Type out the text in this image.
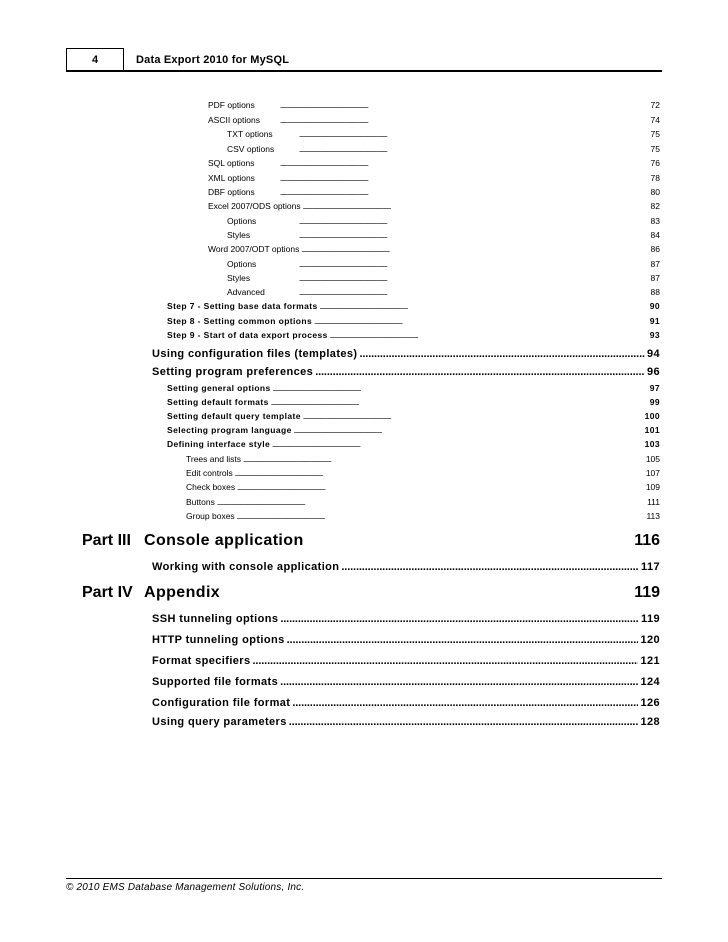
4	Data Export 2010 for MySQL
PDF options . . .	72
ASCII options . . .	74
TXT options . . .	75
CSV options . . .	75
SQL options . . .	76
XML options . . .	78
DBF options . . .	80
Excel 2007/ODS options . . .	82
Options . . .	83
Styles . . .	84
Word 2007/ODT options . . .	86
Options . . .	87
Styles . . .	87
Advanced . . .	88
Step 7 - Setting base data formats . . .	90
Step 8 - Setting common options . . .	91
Step 9 - Start of data export process . . .	93
Using configuration files (templates) . . .	94
Setting program preferences . . .	96
Setting general options . . .	97
Setting default formats . . .	99
Setting default query template . . .	100
Selecting program language . . .	101
Defining interface style . . .	103
Trees and lists . . .	105
Edit controls . . .	107
Check boxes . . .	109
Buttons . . .	111
Group boxes . . .	113
Part III Console application	116
Working with console application . . .	117
Part IV Appendix	119
SSH tunneling options . . .	119
HTTP tunneling options . . .	120
Format specifiers . . .	121
Supported file formats . . .	124
Configuration file format . . .	126
Using query parameters . . .	128
© 2010 EMS Database Management Solutions, Inc.
